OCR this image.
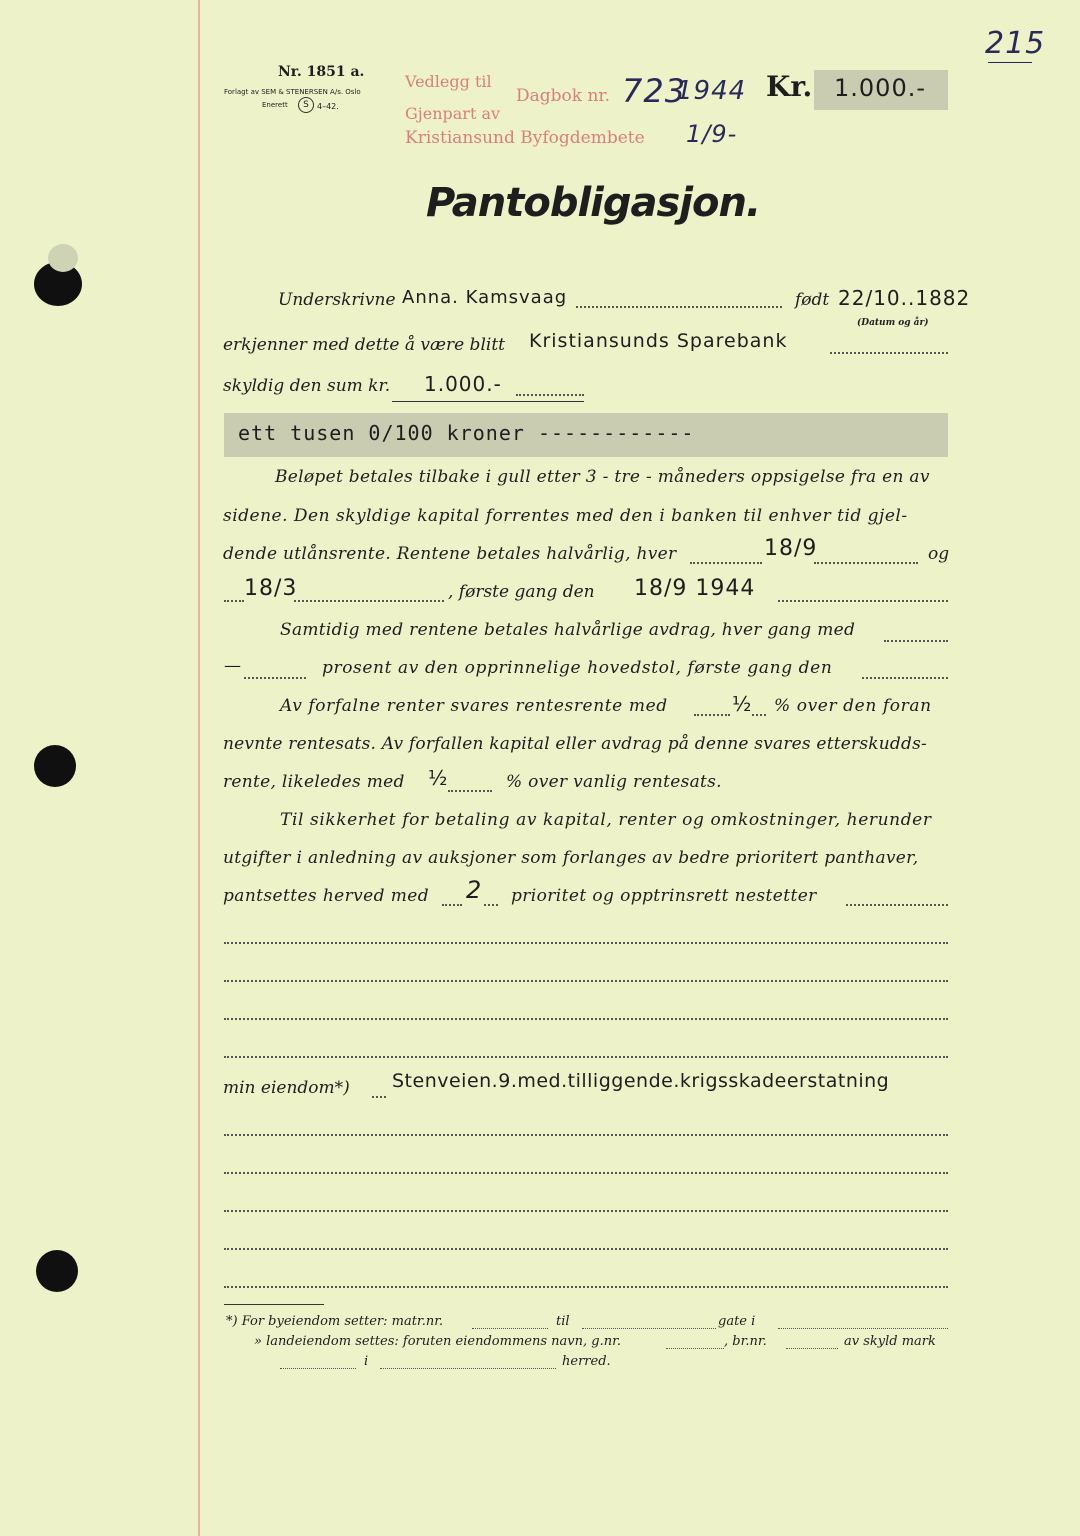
215
Nr. 1851 a.
Forlagt av SEM & STENERSEN A/s. Oslo
Enerett	S	4–42.
Vedlegg til
Gjenpart av
Kristiansund Byfogdembete
Dagbok nr. 723
1944
1/9-
Kr. 1.000.-
Pantobligasjon.
Underskrivne Anna. Kamsvaag	født 22/10..1882
(Datum og år)
erkjenner med dette å være blitt Kristiansunds Sparebank
skyldig den sum kr. 1.000.-
ett tusen 0/100 kroner ------------
Beløpet betales tilbake i gull etter 3 - tre - måneders oppsigelse fra en av
sidene. Den skyldige kapital forrentes med den i banken til enhver tid gjel-
dende utlånsrente. Rentene betales halvårlig, hver	18/9	og
18/3	, første gang den 18/9 1944
Samtidig med rentene betales halvårlige avdrag, hver gang med
—	prosent av den opprinnelige hovedstol, første gang den
Av forfalne renter svares rentesrente med	½ % over den foran
nevnte rentesats. Av forfallen kapital eller avdrag på denne svares etterskudds-
rente, likeledes med ½	% over vanlig rentesats.
Til sikkerhet for betaling av kapital, renter og omkostninger, herunder
utgifter i anledning av auksjoner som forlanges av bedre prioritert panthaver,
pantsettes herved med 2 prioritet og opptrinsrett nestetter
min eiendom*) Stenveien.9.med.tilliggende.krigsskadeerstatning
*) For byeiendom setter: matr.nr.	til	gate i
» landeiendom settes: foruten eiendommens navn, g.nr.	, br.nr.	av skyld mark
i	herred.
